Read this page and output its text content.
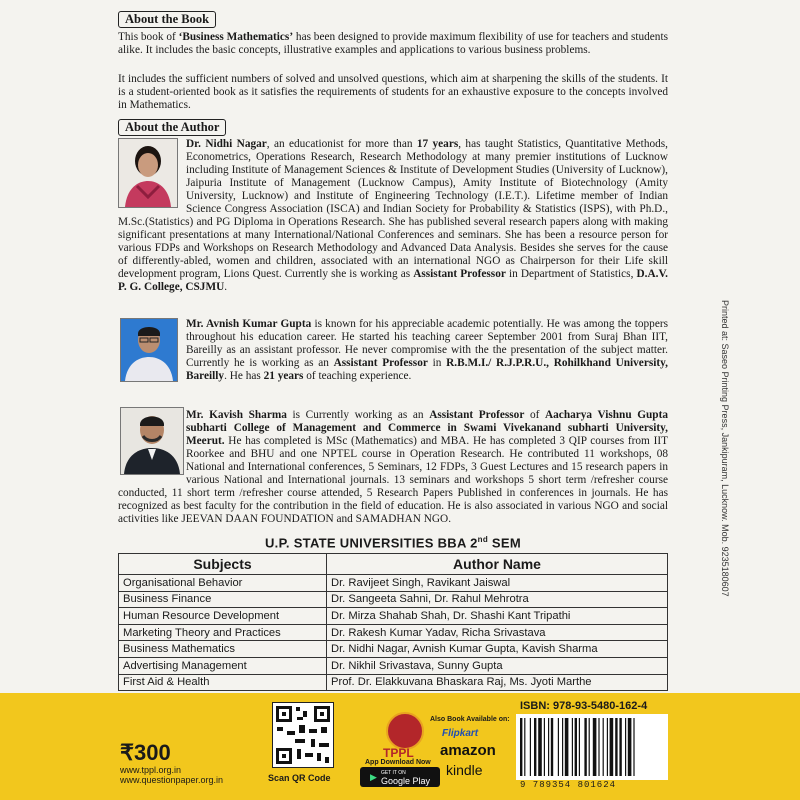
About the Book

This book of ‘Business Mathematics’ has been designed to provide maximum flexibility of use for teachers and students alike. It includes the basic concepts, illustrative examples and applications to various business problems.

It includes the sufficient numbers of solved and unsolved questions, which aim at sharpening the skills of the students. It is a student-oriented book as it satisfies the requirements of students for an exhaustive exposure to the concepts involved in Mathematics.

About the Author

Dr. Nidhi Nagar, an educationist for more than 17 years, has taught Statistics, Quantitative Methods, Econometrics, Operations Research, Research Methodology at many premier institutions of Lucknow including Institute of Management Sciences & Institute of Development Studies (University of Lucknow), Jaipuria Institute of Management (Lucknow Campus), Amity Institute of Biotechnology (Amity University, Lucknow) and Institute of Engineering Technology (I.E.T.). Lifetime member of Indian Science Congress Association (ISCA) and Indian Society for Probability & Statistics (ISPS), with Ph.D., M.Sc.(Statistics) and PG Diploma in Operations Research. She has published several research papers along with making significant presentations at many International/National Conferences and seminars. She has been a resource person for various FDPs and Workshops on Research Methodology and Advanced Data Analysis. Besides she serves for the cause of differently-abled, women and children, associated with an international NGO as Chairperson for their Life skill development program, Lions Quest. Currently she is working as Assistant Professor in Department of Statistics, D.A.V. P. G. College, CSJMU.

Printed at: Saseo Printing Press, Jankipuram, Lucknow. Mob. 9235180607
U.P. STATE UNIVERSITIES BBA 2nd SEM
Subjects	Author Name
Organisational Behavior	Dr. Ravijeet Singh, Ravikant Jaiswal
Business Finance	Dr. Sangeeta Sahni, Dr. Rahul Mehrotra
Human Resource Development	Dr. Mirza Shahab Shah, Dr. Shashi Kant Tripathi
Marketing Theory and Practices	Dr. Rakesh Kumar Yadav, Richa Srivastava
Business Mathematics	Dr. Nidhi Nagar, Avnish Kumar Gupta, Kavish Sharma
Advertising Management	Dr. Nikhil Srivastava, Sunny Gupta
First Aid & Health	Prof. Dr. Elakkuvana Bhaskara Raj, Ms. Jyoti Marthe
₹300
www.tppl.org.in
www.questionpaper.org.in	Scan QR Code
TPPL
App Download Now
▶ GET IT ON
Google Play
Also Book Available on:
Flipkart
amazon
kindle
ISBN: 978-93-5480-162-4
9 789354 801624

Mr. Avnish Kumar Gupta is known for his appreciable academic potentially. He was among the toppers throughout his education career. He started his teaching career September 2001 from Suraj Bhan IIT, Bareilly as an assistant professor. He never compromise with the the presentation of the subject matter. Currently he is working as an Assistant Professor in R.B.M.I./ R.J.P.R.U., Rohilkhand University, Bareilly. He has 21 years of teaching experience.

Mr. Kavish Sharma is Currently working as an Assistant Professor of Aacharya Vishnu Gupta subharti College of Management and Commerce in Swami Vivekanand subharti University, Meerut. He has completed is MSc (Mathematics) and MBA. He has completed 3 QIP courses from IIT Roorkee and BHU and one NPTEL course in Operation Research. He contributed 11 workshops, 08 National and International conferences, 5 Seminars, 12 FDPs, 3 Guest Lectures and 15 research papers in various National and International journals. 13 seminars and workshops 5 short term /refresher course conducted, 11 short term /refresher course attended, 5 Research Papers Published in conferences in journals. He has recognized as best faculty for the contribution in the field of education. He is also associated in various NGO and social activities like JEEVAN DAAN FOUNDATION and SAMADHAN NGO.
